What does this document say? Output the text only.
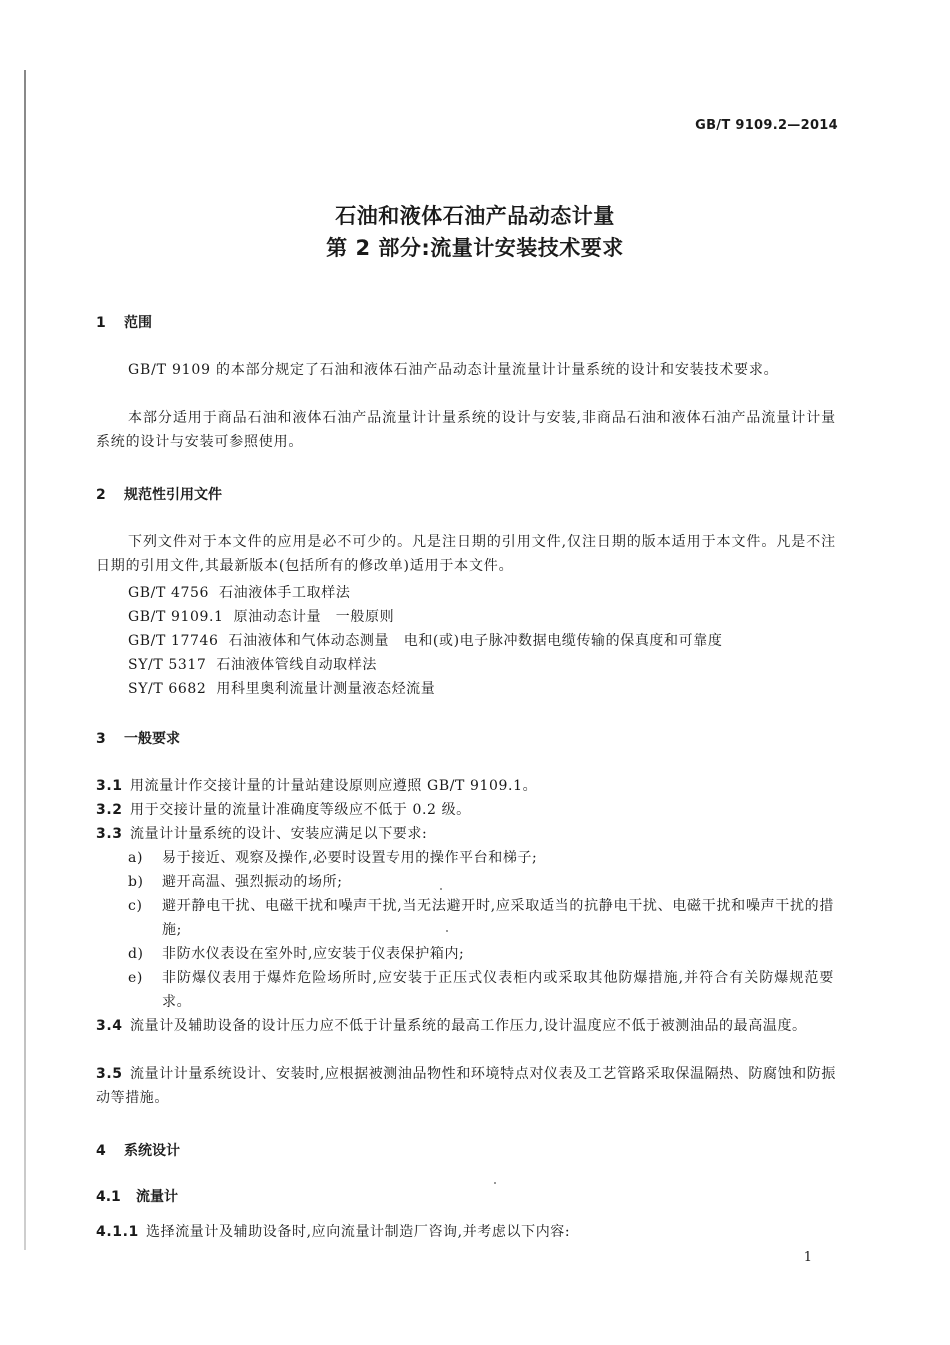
GB/T 9109.2—2014
石油和液体石油产品动态计量
第 2 部分:流量计安装技术要求
1 范围
GB/T 9109 的本部分规定了石油和液体石油产品动态计量流量计计量系统的设计和安装技术要求。
本部分适用于商品石油和液体石油产品流量计计量系统的设计与安装,非商品石油和液体石油产品流量计计量系统的设计与安装可参照使用。
2 规范性引用文件
下列文件对于本文件的应用是必不可少的。凡是注日期的引用文件,仅注日期的版本适用于本文件。凡是不注日期的引用文件,其最新版本(包括所有的修改单)适用于本文件。
GB/T 4756 石油液体手工取样法
GB/T 9109.1 原油动态计量　一般原则
GB/T 17746 石油液体和气体动态测量　电和(或)电子脉冲数据电缆传输的保真度和可靠度
SY/T 5317 石油液体管线自动取样法
SY/T 6682 用科里奥利流量计测量液态烃流量
3 一般要求
3.1 用流量计作交接计量的计量站建设原则应遵照 GB/T 9109.1。
3.2 用于交接计量的流量计准确度等级应不低于 0.2 级。
3.3 流量计计量系统的设计、安装应满足以下要求:
a)	易于接近、观察及操作,必要时设置专用的操作平台和梯子;
b)	避开高温、强烈振动的场所;
c)	避开静电干扰、电磁干扰和噪声干扰,当无法避开时,应采取适当的抗静电干扰、电磁干扰和噪声干扰的措施;
d)	非防水仪表设在室外时,应安装于仪表保护箱内;
e)	非防爆仪表用于爆炸危险场所时,应安装于正压式仪表柜内或采取其他防爆措施,并符合有关防爆规范要求。
3.4 流量计及辅助设备的设计压力应不低于计量系统的最高工作压力,设计温度应不低于被测油品的最高温度。
3.5 流量计计量系统设计、安装时,应根据被测油品物性和环境特点对仪表及工艺管路采取保温隔热、防腐蚀和防振动等措施。
4 系统设计
4.1 流量计
4.1.1 选择流量计及辅助设备时,应向流量计制造厂咨询,并考虑以下内容:
1
